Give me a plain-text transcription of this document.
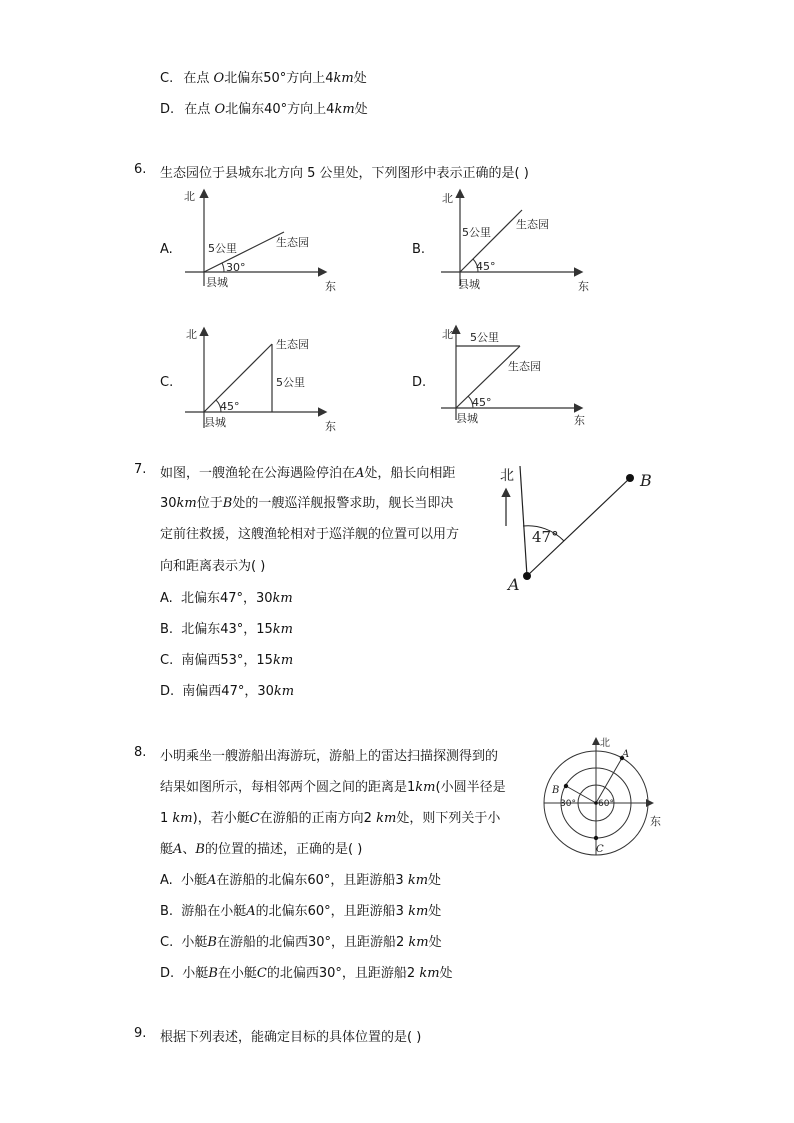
C. 在点 O北偏东50°方向上4km处
D. 在点 O北偏东40°方向上4km处
6. 生态园位于县城东北方向 5 公里处，下列图形中表示正确的是( )
A.
北
东
县城
生态园
5公里
30°
B.
北
东
县城
生态园
5公里
45°
C.
北
东
县城
生态园
5公里
45°
D.
北
东
县城
生态园
5公里
45°
7. 如图，一艘渔轮在公海遇险停泊在A处，船长向相距
30km位于B处的一艘巡洋舰报警求助，舰长当即决
定前往救援，这艘渔轮相对于巡洋舰的位置可以用方
向和距离表示为( )
A. 北偏东47°，30km
B. 北偏东43°，15km
C. 南偏西53°，15km
D. 南偏西47°，30km
北
47°
A
B
8. 小明乘坐一艘游船出海游玩，游船上的雷达扫描探测得到的
结果如图所示，每相邻两个圆之间的距离是1km(小圆半径是
1 km)，若小艇C在游船的正南方向2 km处，则下列关于小
艇A、B的位置的描述，正确的是( )
A. 小艇A在游船的北偏东60°，且距游船3 km处
B. 游船在小艇A的北偏东60°，且距游船3 km处
C. 小艇B在游船的北偏西30°，且距游船2 km处
D. 小艇B在小艇C的北偏西30°，且距游船2 km处
北
东
A
B
C
30° 60°
9. 根据下列表述，能确定目标的具体位置的是( )
